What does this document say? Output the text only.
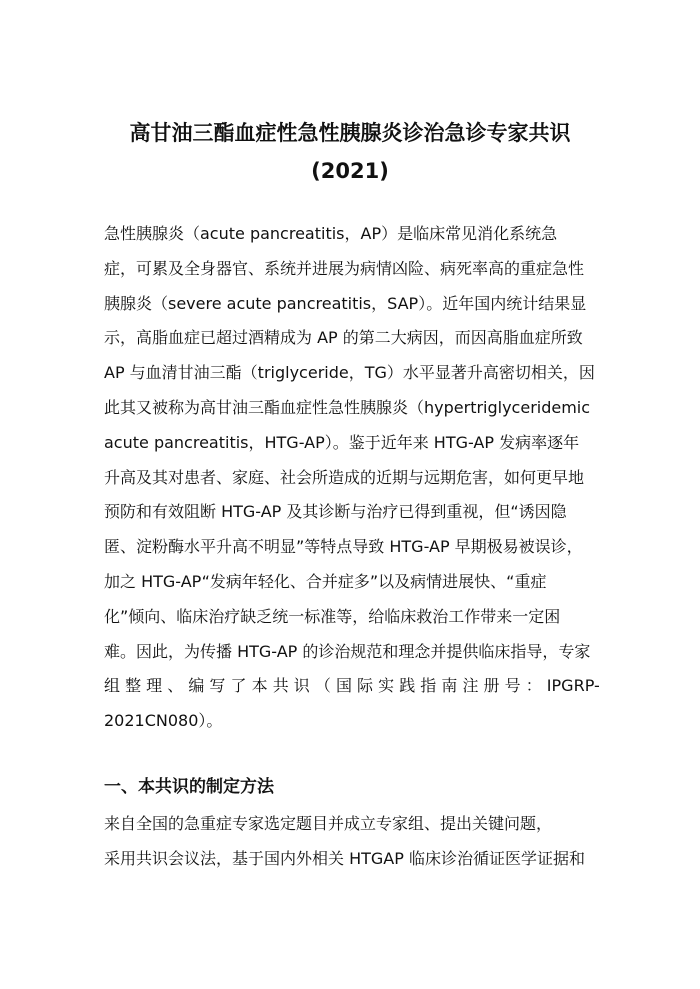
高甘油三酯血症性急性胰腺炎诊治急诊专家共识
(2021)
急性胰腺炎（acute pancreatitis，AP）是临床常见消化系统急
症，可累及全身器官、系统并进展为病情凶险、病死率高的重症急性
胰腺炎（severe acute pancreatitis，SAP）。近年国内统计结果显
示，高脂血症已超过酒精成为 AP 的第二大病因，而因高脂血症所致
AP 与血清甘油三酯（triglyceride，TG）水平显著升高密切相关，因
此其又被称为高甘油三酯血症性急性胰腺炎（hypertriglyceridemic
acute pancreatitis，HTG-AP）。鉴于近年来 HTG-AP 发病率逐年
升高及其对患者、家庭、社会所造成的近期与远期危害，如何更早地
预防和有效阻断 HTG-AP 及其诊断与治疗已得到重视，但“诱因隐
匿、淀粉酶水平升高不明显”等特点导致 HTG-AP 早期极易被误诊，
加之 HTG-AP“发病年轻化、合并症多”以及病情进展快、“重症
化”倾向、临床治疗缺乏统一标准等，给临床救治工作带来一定困
难。因此，为传播 HTG-AP 的诊治规范和理念并提供临床指导，专家
组 整 理 、 编 写 了 本 共 识 （ 国 际 实 践 指 南 注 册 号 ： IPGRP-
2021CN080）。
一、本共识的制定方法
来自全国的急重症专家选定题目并成立专家组、提出关键问题，
采用共识会议法，基于国内外相关 HTGAP 临床诊治循证医学证据和
